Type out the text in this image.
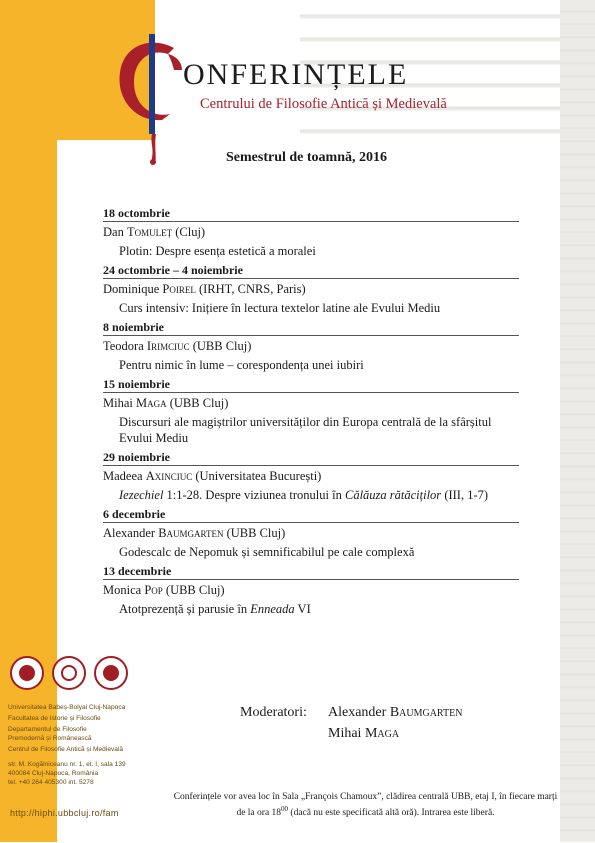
ONFERINȚELE
Centrului de Filosofie Antică și Medievală
Semestrul de toamnă, 2016
18 octombrie
Dan Tomuleț (Cluj)
Plotin: Despre esența estetică a moralei
24 octombrie – 4 noiembrie
Dominique Poirel (IRHT, CNRS, Paris)
Curs intensiv: Inițiere în lectura textelor latine ale Evului Mediu
8 noiembrie
Teodora Irimciuc (UBB Cluj)
Pentru nimic în lume – corespondența unei iubiri
15 noiembrie
Mihai Maga (UBB Cluj)
Discursuri ale magiștrilor universităților din Europa centrală de la sfârșitul Evului Mediu
29 noiembrie
Madeea Axinciuc (Universitatea București)
Iezechiel 1:1-28. Despre viziunea tronului în Călăuza rătăciților (III, 1-7)
6 decembrie
Alexander Baumgarten (UBB Cluj)
Godescalc de Nepomuk și semnificabilul pe cale complexă
13 decembrie
Monica Pop (UBB Cluj)
Atotprezență și parusie în Enneada VI
Universitatea Babeș-Bolyai Cluj-Napoca
Facultatea de Istorie și Filosofie
Departamentul de Filosofie
Premodernă și Românească
Centrul de Filosofie Antică și Medievală
str. M. Kogălniceanu nr. 1, et. I, sala 139
400084 Cluj-Napoca, România
tel. +40 264 405300 int. 5278
http://hiphi.ubbcluj.ro/fam
Moderatori: Alexander Baumgarten
Mihai Maga
Conferințele vor avea loc în Sala „François Chamoux”, clădirea centrală UBB, etaj I, în fiecare marți de la ora $18^{00}$ (dacă nu este specificată altă oră). Intrarea este liberă.
